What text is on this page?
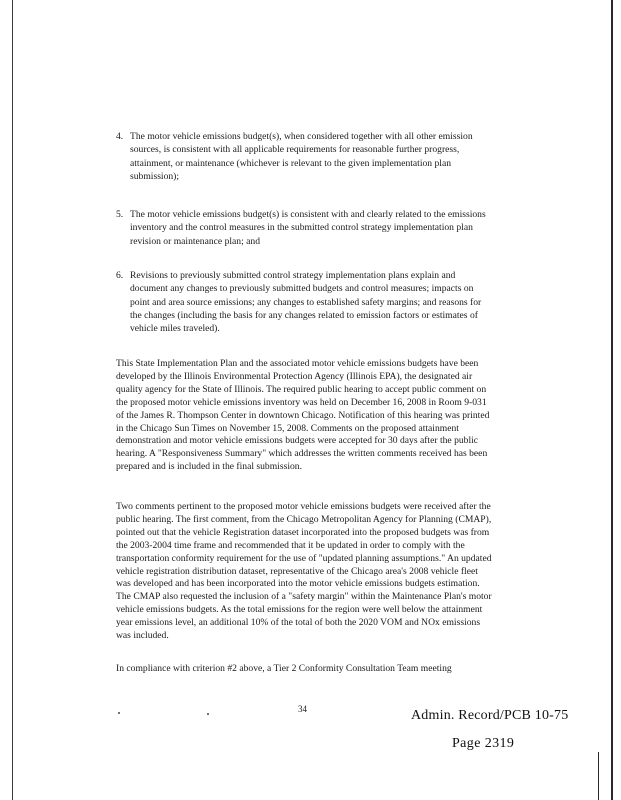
4. The motor vehicle emissions budget(s), when considered together with all other emission sources, is consistent with all applicable requirements for reasonable further progress, attainment, or maintenance (whichever is relevant to the given implementation plan submission);
5. The motor vehicle emissions budget(s) is consistent with and clearly related to the emissions inventory and the control measures in the submitted control strategy implementation plan revision or maintenance plan; and
6. Revisions to previously submitted control strategy implementation plans explain and document any changes to previously submitted budgets and control measures; impacts on point and area source emissions; any changes to established safety margins; and reasons for the changes (including the basis for any changes related to emission factors or estimates of vehicle miles traveled).

This State Implementation Plan and the associated motor vehicle emissions budgets have been developed by the Illinois Environmental Protection Agency (Illinois EPA), the designated air quality agency for the State of Illinois. The required public hearing to accept public comment on the proposed motor vehicle emissions inventory was held on December 16, 2008 in Room 9-031 of the James R. Thompson Center in downtown Chicago. Notification of this hearing was printed in the Chicago Sun Times on November 15, 2008. Comments on the proposed attainment demonstration and motor vehicle emissions budgets were accepted for 30 days after the public hearing. A "Responsiveness Summary" which addresses the written comments received has been prepared and is included in the final submission.

Two comments pertinent to the proposed motor vehicle emissions budgets were received after the public hearing. The first comment, from the Chicago Metropolitan Agency for Planning (CMAP), pointed out that the vehicle Registration dataset incorporated into the proposed budgets was from the 2003-2004 time frame and recommended that it be updated in order to comply with the transportation conformity requirement for the use of "updated planning assumptions." An updated vehicle registration distribution dataset, representative of the Chicago area's 2008 vehicle fleet was developed and has been incorporated into the motor vehicle emissions budgets estimation. The CMAP also requested the inclusion of a "safety margin" within the Maintenance Plan's motor vehicle emissions budgets. As the total emissions for the region were well below the attainment year emissions level, an additional 10% of the total of both the 2020 VOM and NOx emissions was included.

In compliance with criterion #2 above, a Tier 2 Conformity Consultation Team meeting

34	Admin. Record/PCB 10-75
Page 2319
